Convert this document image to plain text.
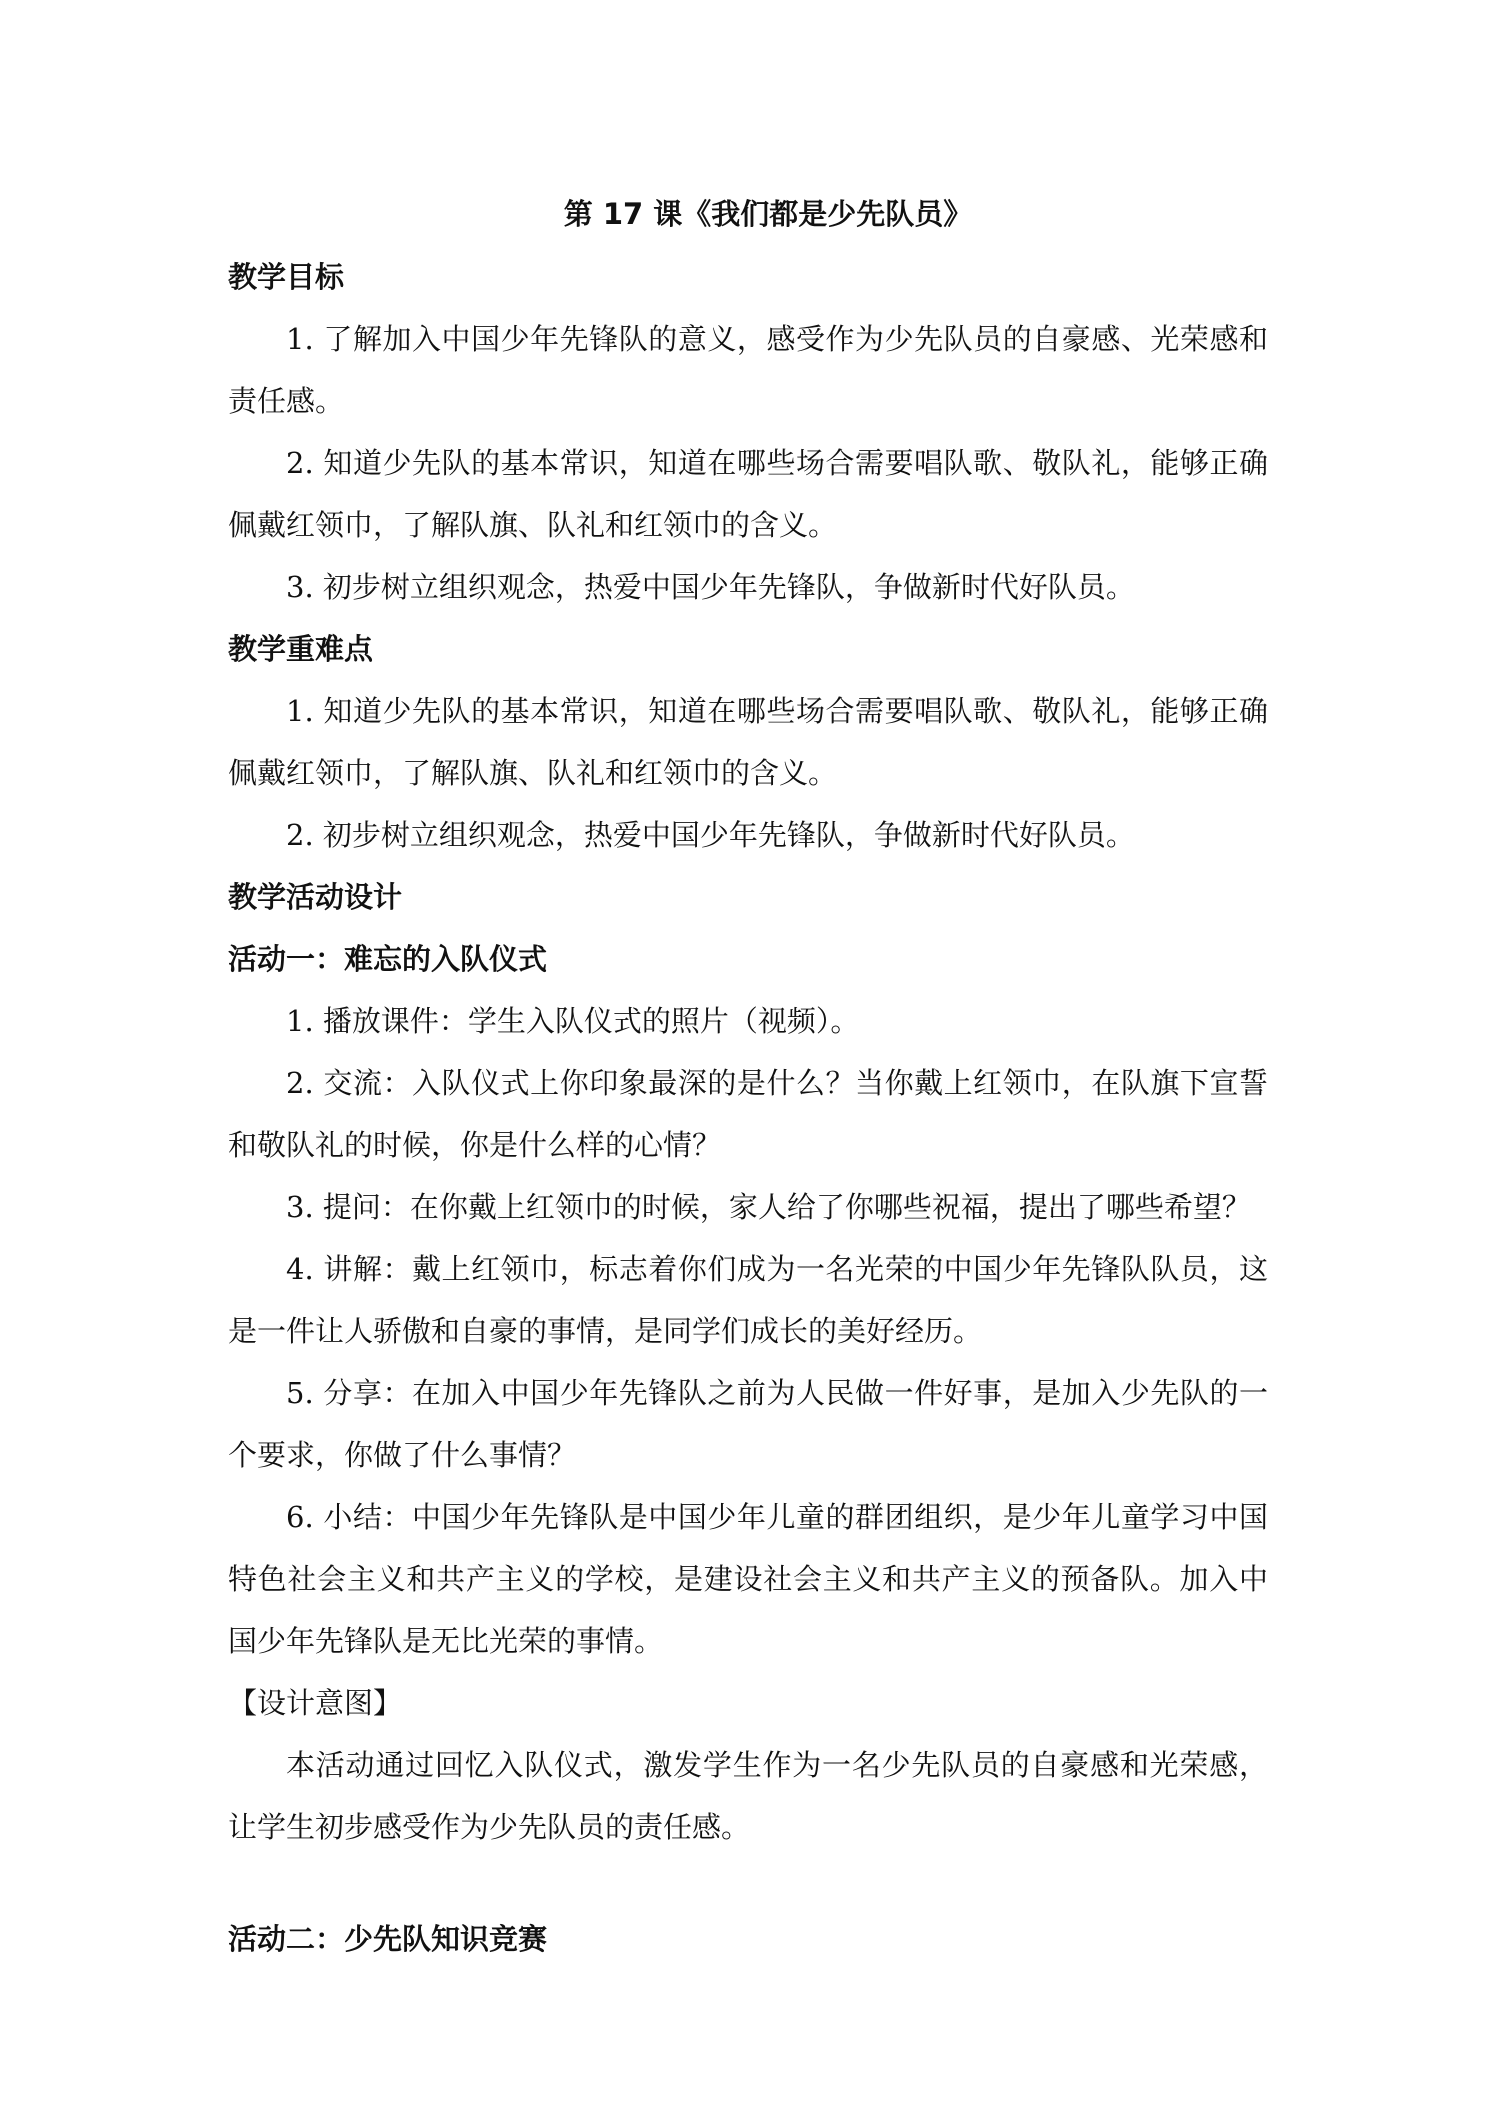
第 17 课《我们都是少先队员》
教学目标

1. 了解加入中国少年先锋队的意义，感受作为少先队员的自豪感、光荣感和责任感。

2. 知道少先队的基本常识，知道在哪些场合需要唱队歌、敬队礼，能够正确佩戴红领巾，了解队旗、队礼和红领巾的含义。

3. 初步树立组织观念，热爱中国少年先锋队，争做新时代好队员。

教学重难点

1. 知道少先队的基本常识，知道在哪些场合需要唱队歌、敬队礼，能够正确佩戴红领巾，了解队旗、队礼和红领巾的含义。

2. 初步树立组织观念，热爱中国少年先锋队，争做新时代好队员。

教学活动设计
活动一：难忘的入队仪式

1. 播放课件：学生入队仪式的照片（视频）。

2. 交流：入队仪式上你印象最深的是什么？当你戴上红领巾，在队旗下宣誓和敬队礼的时候，你是什么样的心情？

3. 提问：在你戴上红领巾的时候，家人给了你哪些祝福，提出了哪些希望？

4. 讲解：戴上红领巾，标志着你们成为一名光荣的中国少年先锋队队员，这是一件让人骄傲和自豪的事情，是同学们成长的美好经历。

5. 分享：在加入中国少年先锋队之前为人民做一件好事，是加入少先队的一个要求，你做了什么事情？

6. 小结：中国少年先锋队是中国少年儿童的群团组织，是少年儿童学习中国特色社会主义和共产主义的学校，是建设社会主义和共产主义的预备队。加入中国少年先锋队是无比光荣的事情。

【设计意图】

本活动通过回忆入队仪式，激发学生作为一名少先队员的自豪感和光荣感，让学生初步感受作为少先队员的责任感。

活动二：少先队知识竞赛
